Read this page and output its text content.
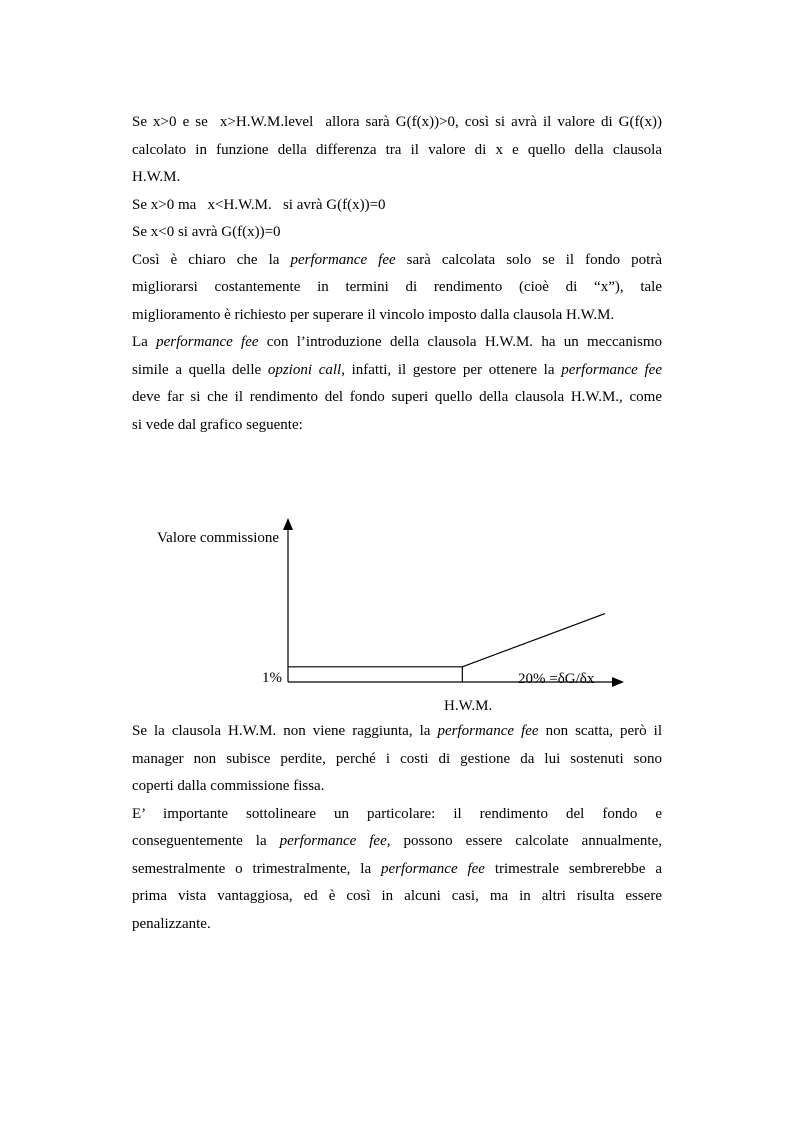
Se x>0 e se  x>H.W.M.level  allora sarà G(f(x))>0, così si avrà il valore di G(f(x))

calcolato in funzione della differenza tra il valore di x e quello della clausola

H.W.M.

Se x>0 ma   x<H.W.M.   si avrà G(f(x))=0

Se x<0 si avrà G(f(x))=0

Così è chiaro che la performance fee sarà calcolata solo se il fondo potrà

migliorarsi costantemente in termini di rendimento (cioè di “x”), tale

miglioramento è richiesto per superare il vincolo imposto dalla clausola H.W.M.

La performance fee con l’introduzione della clausola H.W.M. ha un meccanismo

simile a quella delle opzioni call, infatti, il gestore per ottenere la performance fee

deve far si che il rendimento del fondo superi quello della clausola H.W.M., come

si vede dal grafico seguente:

Valore commissione
1%	20% =δG/δx
H.W.M.

Se la clausola H.W.M. non viene raggiunta, la performance fee non scatta, però il

manager non subisce perdite, perché i costi di gestione da lui sostenuti sono

coperti dalla commissione fissa.

E’ importante sottolineare un particolare: il rendimento del fondo e

conseguentemente la performance fee, possono essere calcolate annualmente,

semestralmente o trimestralmente, la performance fee trimestrale sembrerebbe a

prima vista vantaggiosa, ed è così in alcuni casi, ma in altri risulta essere

penalizzante.
